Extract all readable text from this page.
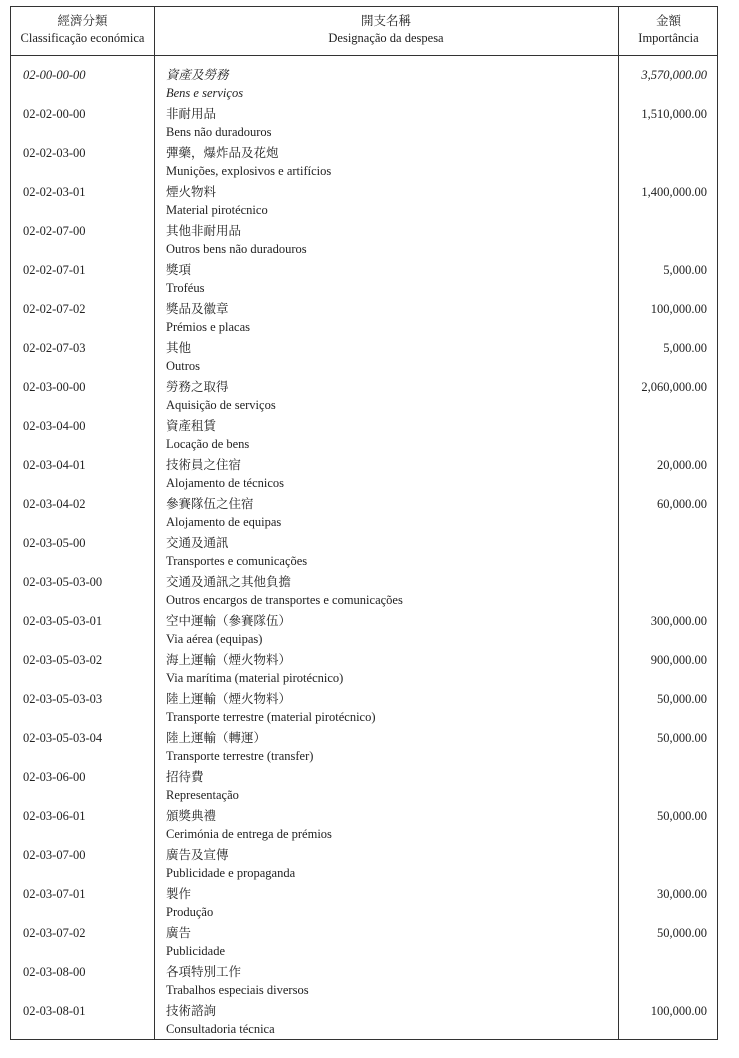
經濟分類
Classificação económica
開支名稱
Designação da despesa
金額
Importância
02-00-00-00	資產及勞務
Bens e serviços
3,570,000.00
02-02-00-00	非耐用品
Bens não duradouros
1,510,000.00
02-02-03-00	彈藥，爆炸品及花炮
Munições, explosivos e artifícios
02-02-03-01	煙火物料
Material pirotécnico
1,400,000.00
02-02-07-00	其他非耐用品
Outros bens não duradouros
02-02-07-01	獎項
Troféus
5,000.00
02-02-07-02	獎品及徽章
Prémios e placas
100,000.00
02-02-07-03	其他
Outros
5,000.00
02-03-00-00	勞務之取得
Aquisição de serviços
2,060,000.00
02-03-04-00	資產租賃
Locação de bens
02-03-04-01	技術員之住宿
Alojamento de técnicos
20,000.00
02-03-04-02	參賽隊伍之住宿
Alojamento de equipas
60,000.00
02-03-05-00	交通及通訊
Transportes e comunicações
02-03-05-03-00	交通及通訊之其他負擔
Outros encargos de transportes e comunicações
02-03-05-03-01	空中運輸（參賽隊伍）
Via aérea (equipas)
300,000.00
02-03-05-03-02	海上運輸（煙火物料）
Via marítima (material pirotécnico)
900,000.00
02-03-05-03-03	陸上運輸（煙火物料）
Transporte terrestre (material pirotécnico)
50,000.00
02-03-05-03-04	陸上運輸（轉運）
Transporte terrestre (transfer)
50,000.00
02-03-06-00	招待費
Representação
02-03-06-01	頒獎典禮
Cerimónia de entrega de prémios
50,000.00
02-03-07-00	廣告及宣傳
Publicidade e propaganda
02-03-07-01	製作
Produção
30,000.00
02-03-07-02	廣告
Publicidade
50,000.00
02-03-08-00	各項特別工作
Trabalhos especiais diversos
02-03-08-01	技術諮詢
Consultadoria técnica
100,000.00
